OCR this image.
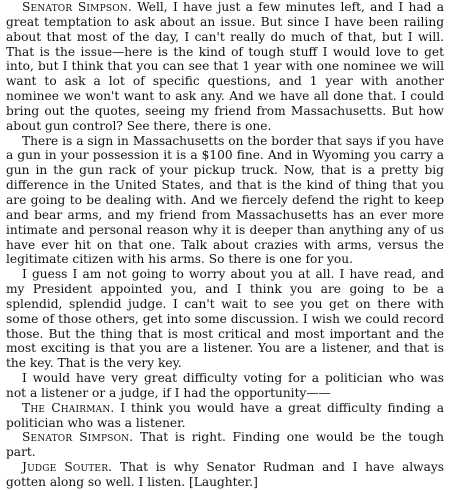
Senator Simpson. Well, I have just a few minutes left, and I had a great temptation to ask about an issue. But since I have been railing about that most of the day, I can't really do much of that, but I will. That is the issue—here is the kind of tough stuff I would love to get into, but I think that you can see that 1 year with one nominee we will want to ask a lot of specific questions, and 1 year with another nominee we won't want to ask any. And we have all done that. I could bring out the quotes, seeing my friend from Massachusetts. But how about gun control? See there, there is one.

There is a sign in Massachusetts on the border that says if you have a gun in your possession it is a $100 fine. And in Wyoming you carry a gun in the gun rack of your pickup truck. Now, that is a pretty big difference in the United States, and that is the kind of thing that you are going to be dealing with. And we fiercely defend the right to keep and bear arms, and my friend from Massachusetts has an ever more intimate and personal reason why it is deeper than anything any of us have ever hit on that one. Talk about crazies with arms, versus the legitimate citizen with his arms. So there is one for you.

I guess I am not going to worry about you at all. I have read, and my President appointed you, and I think you are going to be a splendid, splendid judge. I can't wait to see you get on there with some of those others, get into some discussion. I wish we could record those. But the thing that is most critical and most important and the most exciting is that you are a listener. You are a listener, and that is the key. That is the very key.

I would have very great difficulty voting for a politician who was not a listener or a judge, if I had the opportunity——

The Chairman. I think you would have a great difficulty finding a politician who was a listener.

Senator Simpson. That is right. Finding one would be the tough part.

Judge Souter. That is why Senator Rudman and I have always gotten along so well. I listen. [Laughter.]
